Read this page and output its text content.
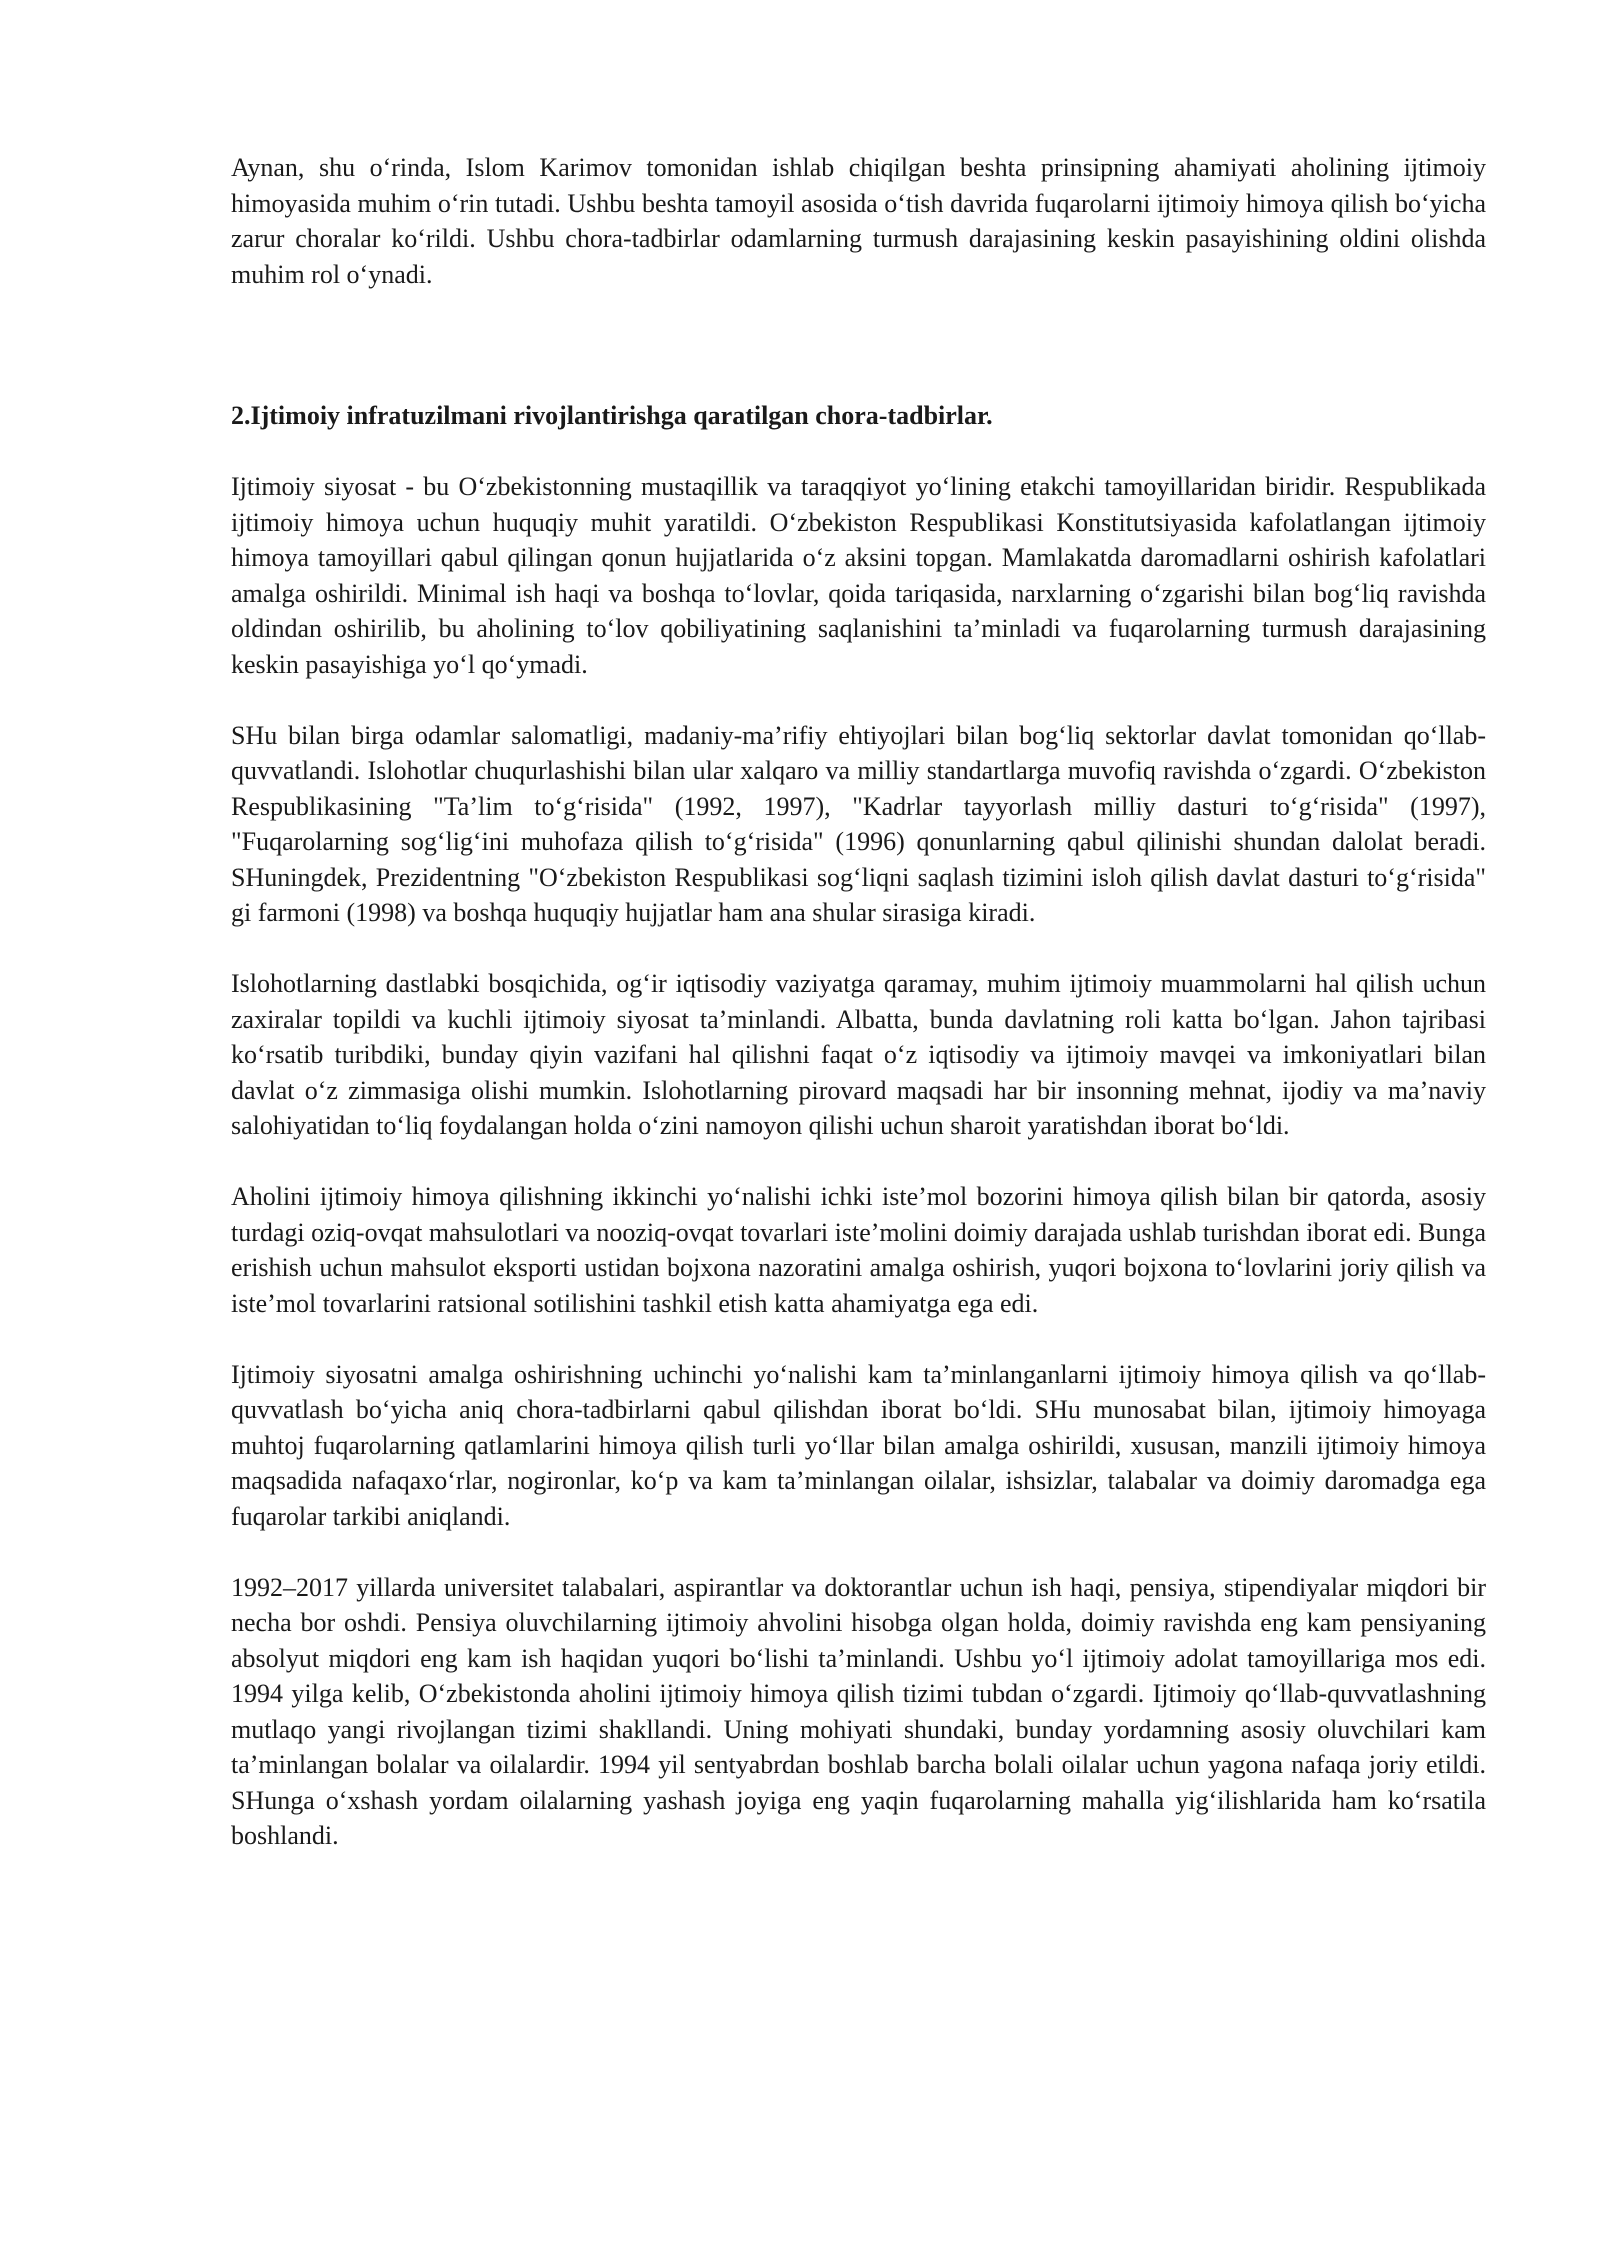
Aynan, shu o‘rinda, Islom Karimov tomonidan ishlab chiqilgan beshta prinsipning ahamiyati aholining ijtimoiy himoyasida muhim o‘rin tutadi. Ushbu beshta tamoyil asosida o‘tish davrida fuqarolarni ijtimoiy himoya qilish bo‘yicha zarur choralar ko‘rildi. Ushbu chora-tadbirlar odamlarning turmush darajasining keskin pasayishining oldini olishda muhim rol o‘ynadi.

2.Ijtimoiy infratuzilmani rivojlantirishga qaratilgan chora-tadbirlar.

Ijtimoiy siyosat - bu O‘zbekistonning mustaqillik va taraqqiyot yo‘lining etakchi tamoyillaridan biridir. Respublikada ijtimoiy himoya uchun huquqiy muhit yaratildi. O‘zbekiston Respublikasi Konstitutsiyasida kafolatlangan ijtimoiy himoya tamoyillari qabul qilingan qonun hujjatlarida o‘z aksini topgan. Mamlakatda daromadlarni oshirish kafolatlari amalga oshirildi. Minimal ish haqi va boshqa to‘lovlar, qoida tariqasida, narxlarning o‘zgarishi bilan bog‘liq ravishda oldindan oshirilib, bu aholining to‘lov qobiliyatining saqlanishini ta’minladi va fuqarolarning turmush darajasining keskin pasayishiga yo‘l qo‘ymadi.

SHu bilan birga odamlar salomatligi, madaniy-ma’rifiy ehtiyojlari bilan bog‘liq sektorlar davlat tomonidan qo‘llab-quvvatlandi. Islohotlar chuqurlashishi bilan ular xalqaro va milliy standartlarga muvofiq ravishda o‘zgardi. O‘zbekiston Respublikasining "Ta’lim to‘g‘risida" (1992, 1997), "Kadrlar tayyorlash milliy dasturi to‘g‘risida" (1997), "Fuqarolarning sog‘lig‘ini muhofaza qilish to‘g‘risida" (1996) qonunlarning qabul qilinishi shundan dalolat beradi. SHuningdek, Prezidentning "O‘zbekiston Respublikasi sog‘liqni saqlash tizimini isloh qilish davlat dasturi to‘g‘risida" gi farmoni (1998) va boshqa huquqiy hujjatlar ham ana shular sirasiga kiradi.

Islohotlarning dastlabki bosqichida, og‘ir iqtisodiy vaziyatga qaramay, muhim ijtimoiy muammolarni hal qilish uchun zaxiralar topildi va kuchli ijtimoiy siyosat ta’minlandi. Albatta, bunda davlatning roli katta bo‘lgan. Jahon tajribasi ko‘rsatib turibdiki, bunday qiyin vazifani hal qilishni faqat o‘z iqtisodiy va ijtimoiy mavqei va imkoniyatlari bilan davlat o‘z zimmasiga olishi mumkin. Islohotlarning pirovard maqsadi har bir insonning mehnat, ijodiy va ma’naviy salohiyatidan to‘liq foydalangan holda o‘zini namoyon qilishi uchun sharoit yaratishdan iborat bo‘ldi.

Aholini ijtimoiy himoya qilishning ikkinchi yo‘nalishi ichki iste’mol bozorini himoya qilish bilan bir qatorda, asosiy turdagi oziq-ovqat mahsulotlari va nooziq-ovqat tovarlari iste’molini doimiy darajada ushlab turishdan iborat edi. Bunga erishish uchun mahsulot eksporti ustidan bojxona nazoratini amalga oshirish, yuqori bojxona to‘lovlarini joriy qilish va iste’mol tovarlarini ratsional sotilishini tashkil etish katta ahamiyatga ega edi.

Ijtimoiy siyosatni amalga oshirishning uchinchi yo‘nalishi kam ta’minlanganlarni ijtimoiy himoya qilish va qo‘llab-quvvatlash bo‘yicha aniq chora-tadbirlarni qabul qilishdan iborat bo‘ldi. SHu munosabat bilan, ijtimoiy himoyaga muhtoj fuqarolarning qatlamlarini himoya qilish turli yo‘llar bilan amalga oshirildi, xususan, manzili ijtimoiy himoya maqsadida nafaqaxo‘rlar, nogironlar, ko‘p va kam ta’minlangan oilalar, ishsizlar, talabalar va doimiy daromadga ega fuqarolar tarkibi aniqlandi.

1992–2017 yillarda universitet talabalari, aspirantlar va doktorantlar uchun ish haqi, pensiya, stipendiyalar miqdori bir necha bor oshdi. Pensiya oluvchilarning ijtimoiy ahvolini hisobga olgan holda, doimiy ravishda eng kam pensiyaning absolyut miqdori eng kam ish haqidan yuqori bo‘lishi ta’minlandi. Ushbu yo‘l ijtimoiy adolat tamoyillariga mos edi. 1994 yilga kelib, O‘zbekistonda aholini ijtimoiy himoya qilish tizimi tubdan o‘zgardi. Ijtimoiy qo‘llab-quvvatlashning mutlaqo yangi rivojlangan tizimi shakllandi. Uning mohiyati shundaki, bunday yordamning asosiy oluvchilari kam ta’minlangan bolalar va oilalardir. 1994 yil sentyabrdan boshlab barcha bolali oilalar uchun yagona nafaqa joriy etildi. SHunga o‘xshash yordam oilalarning yashash joyiga eng yaqin fuqarolarning mahalla yig‘ilishlarida ham ko‘rsatila boshlandi.
